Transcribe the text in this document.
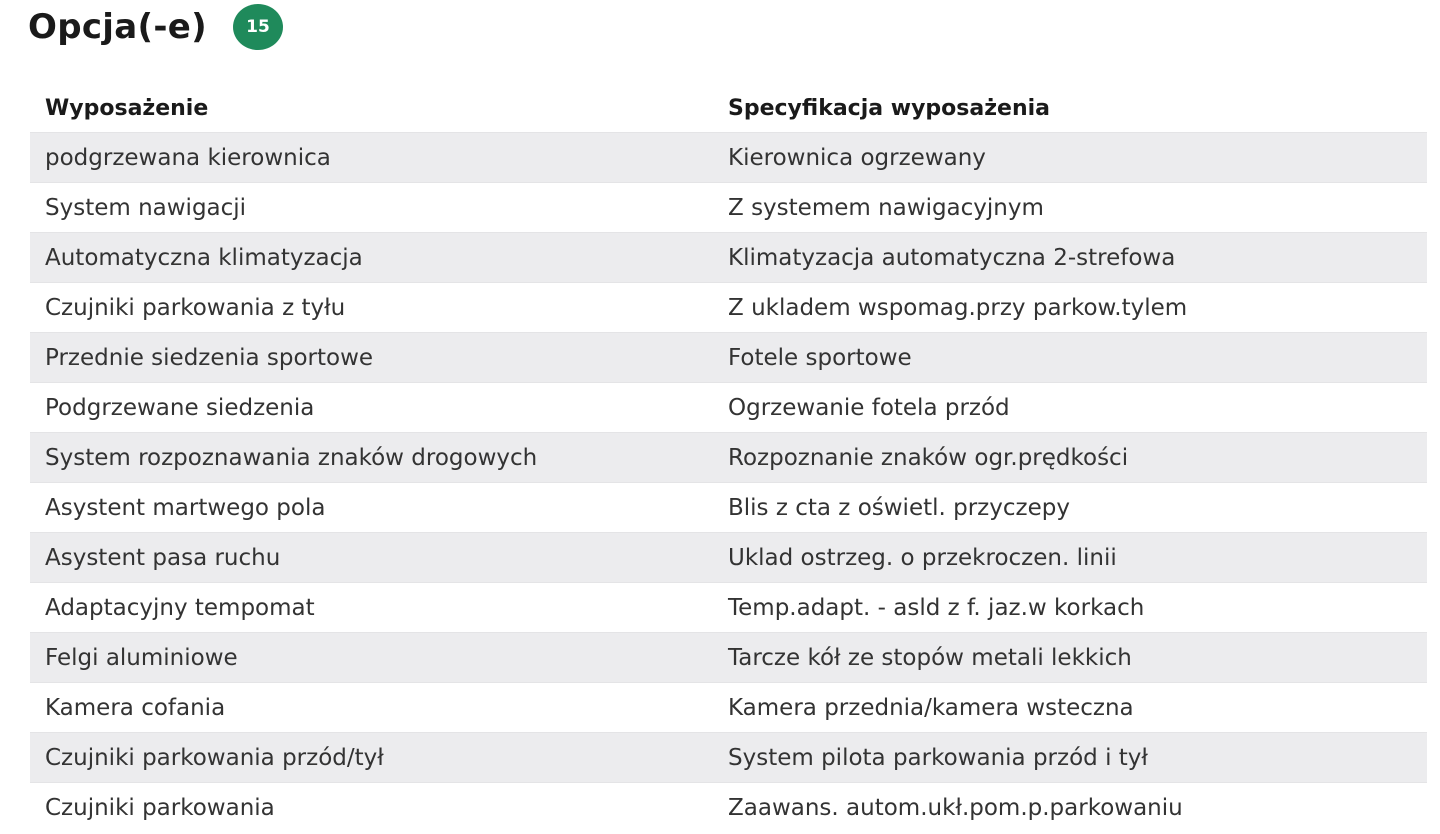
Opcja(-e)	15
Wyposażenie	Specyfikacja wyposażenia
podgrzewana kierownica	Kierownica ogrzewany
System nawigacji	Z systemem nawigacyjnym
Automatyczna klimatyzacja	Klimatyzacja automatyczna 2-strefowa
Czujniki parkowania z tyłu	Z ukladem wspomag.przy parkow.tylem
Przednie siedzenia sportowe	Fotele sportowe
Podgrzewane siedzenia	Ogrzewanie fotela przód
System rozpoznawania znaków drogowych	Rozpoznanie znaków ogr.prędkości
Asystent martwego pola	Blis z cta z oświetl. przyczepy
Asystent pasa ruchu	Uklad ostrzeg. o przekroczen. linii
Adaptacyjny tempomat	Temp.adapt. - asld z f. jaz.w korkach
Felgi aluminiowe	Tarcze kół ze stopów metali lekkich
Kamera cofania	Kamera przednia/kamera wsteczna
Czujniki parkowania przód/tył	System pilota parkowania przód i tył
Czujniki parkowania	Zaawans. autom.ukł.pom.p.parkowaniu
